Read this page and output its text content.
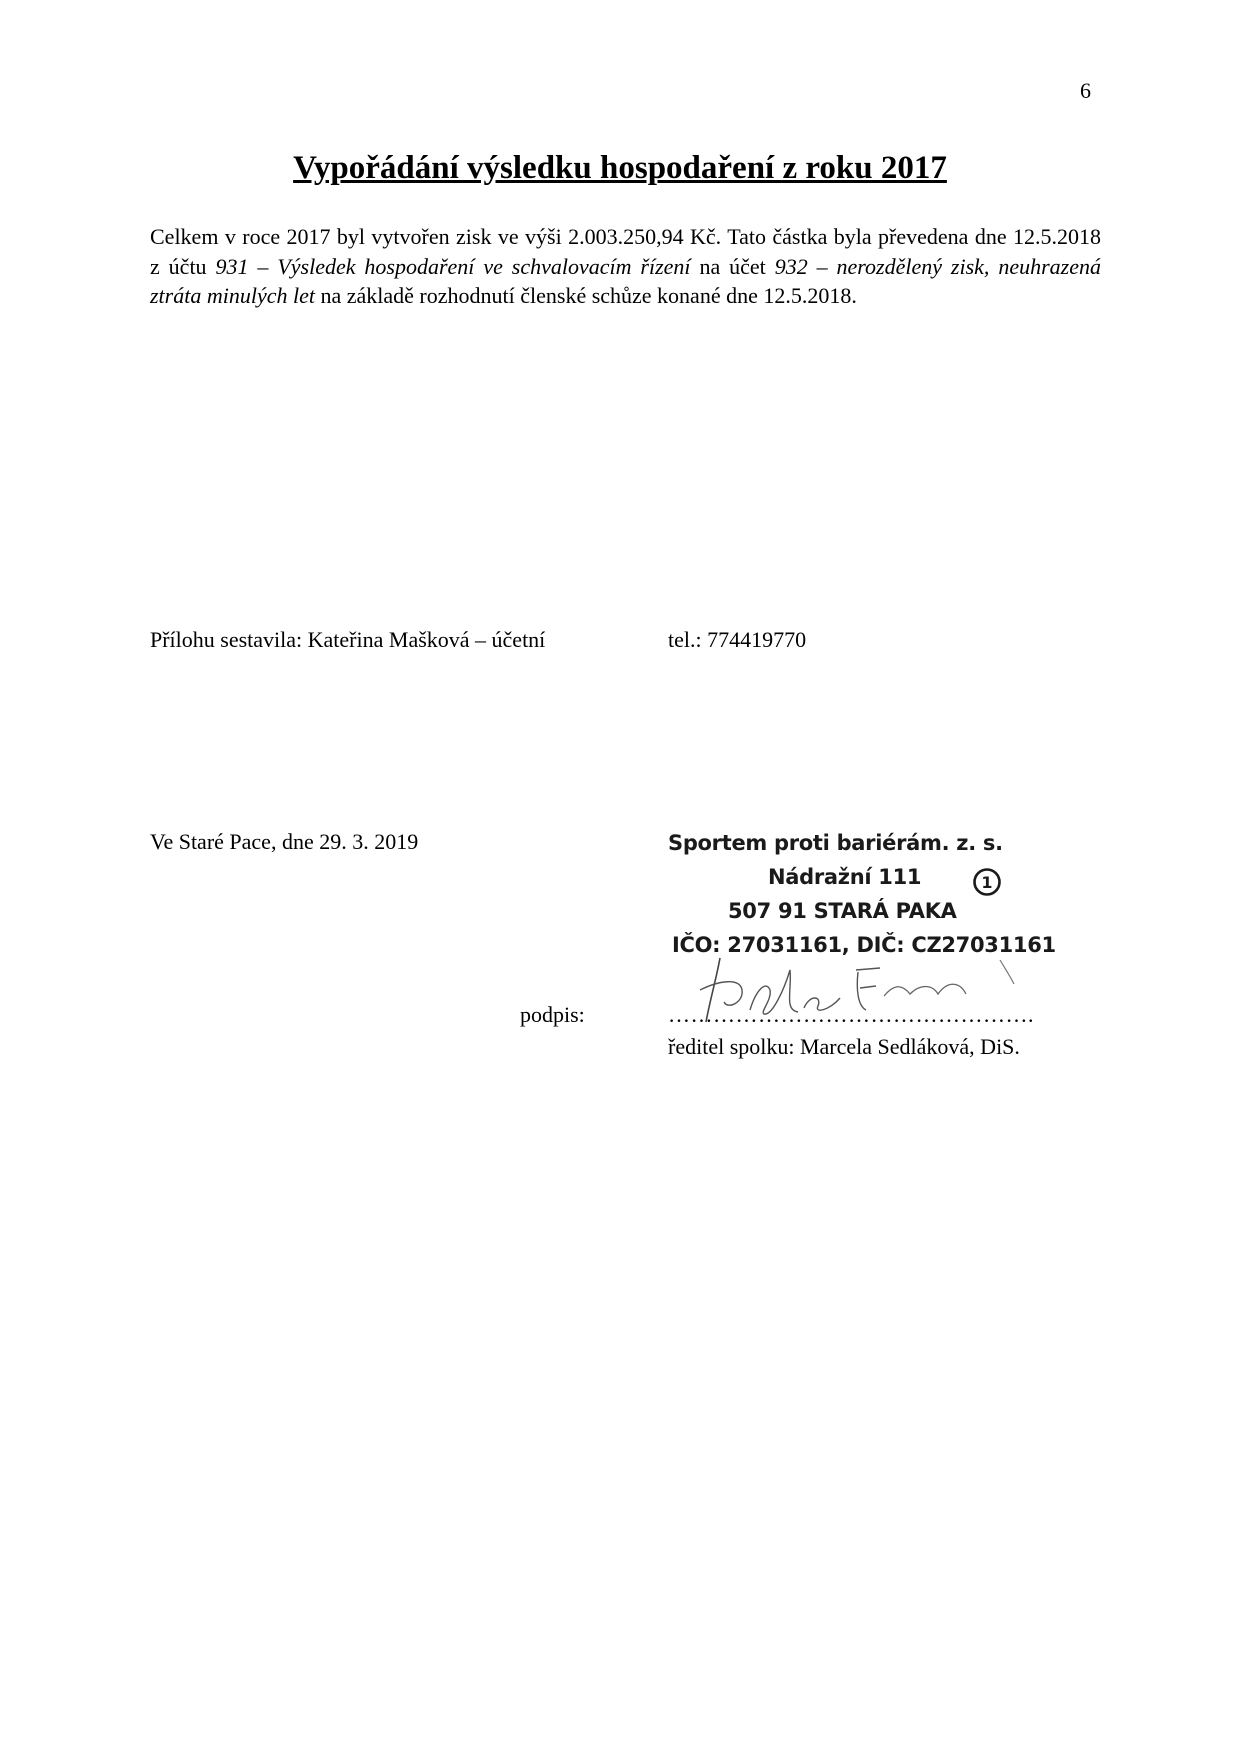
6
Vypořádání výsledku hospodaření z roku 2017

Celkem v roce 2017 byl vytvořen zisk ve výši 2.003.250,94 Kč. Tato částka byla převedena dne 12.5.2018 z účtu 931 – Výsledek hospodaření ve schvalovacím řízení na účet 932 – nerozdělený zisk, neuhrazená ztráta minulých let na základě rozhodnutí členské schůze konané dne 12.5.2018.

Přílohu sestavila: Kateřina Mašková – účetní	tel.: 774419770
Ve Staré Pace, dne 29. 3. 2019	Sportem proti bariérám. z. s.
Nádražní 111
507 91 STARÁ PAKA
IČO: 27031161, DIČ: CZ27031161
1
podpis:	………………………………………….
ředitel spolku: Marcela Sedláková, DiS.
